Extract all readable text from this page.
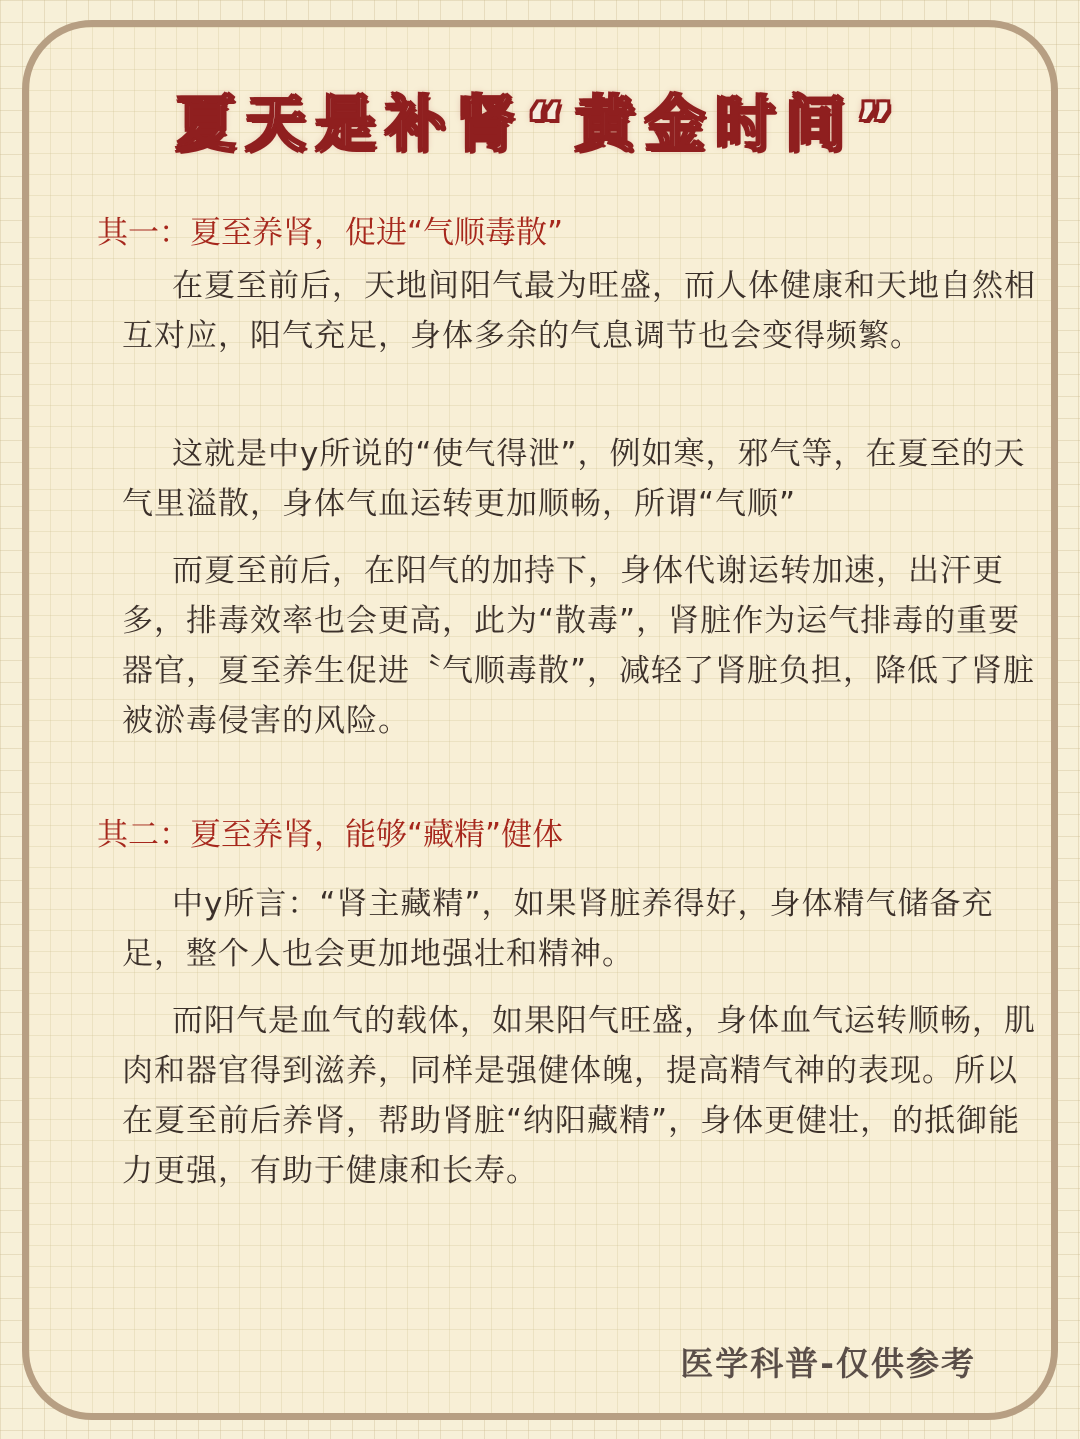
夏天是补肾“黄金时间”
其一：夏至养肾，促进“气顺毒散”

在夏至前后，天地间阳气最为旺盛，而人体健康和天地自然相互对应，阳气充足，身体多余的气息调节也会变得频繁。

这就是中y所说的“使气得泄”，例如寒，邪气等，在夏至的天气里溢散，身体气血运转更加顺畅，所谓“气顺”

而夏至前后，在阳气的加持下，身体代谢运转加速，出汗更多，排毒效率也会更高，此为“散毒”，肾脏作为运气排毒的重要器官，夏至养生促进〝气顺毒散”，减轻了肾脏负担，降低了肾脏被淤毒侵害的风险。

其二：夏至养肾，能够“藏精”健体

中y所言：“肾主藏精”，如果肾脏养得好，身体精气储备充足，整个人也会更加地强壮和精神。

而阳气是血气的载体，如果阳气旺盛，身体血气运转顺畅，肌肉和器官得到滋养，同样是强健体魄，提高精气神的表现。所以在夏至前后养肾，帮助肾脏“纳阳藏精”，身体更健壮，的抵御能力更强，有助于健康和长寿。

医学科普-仅供参考
